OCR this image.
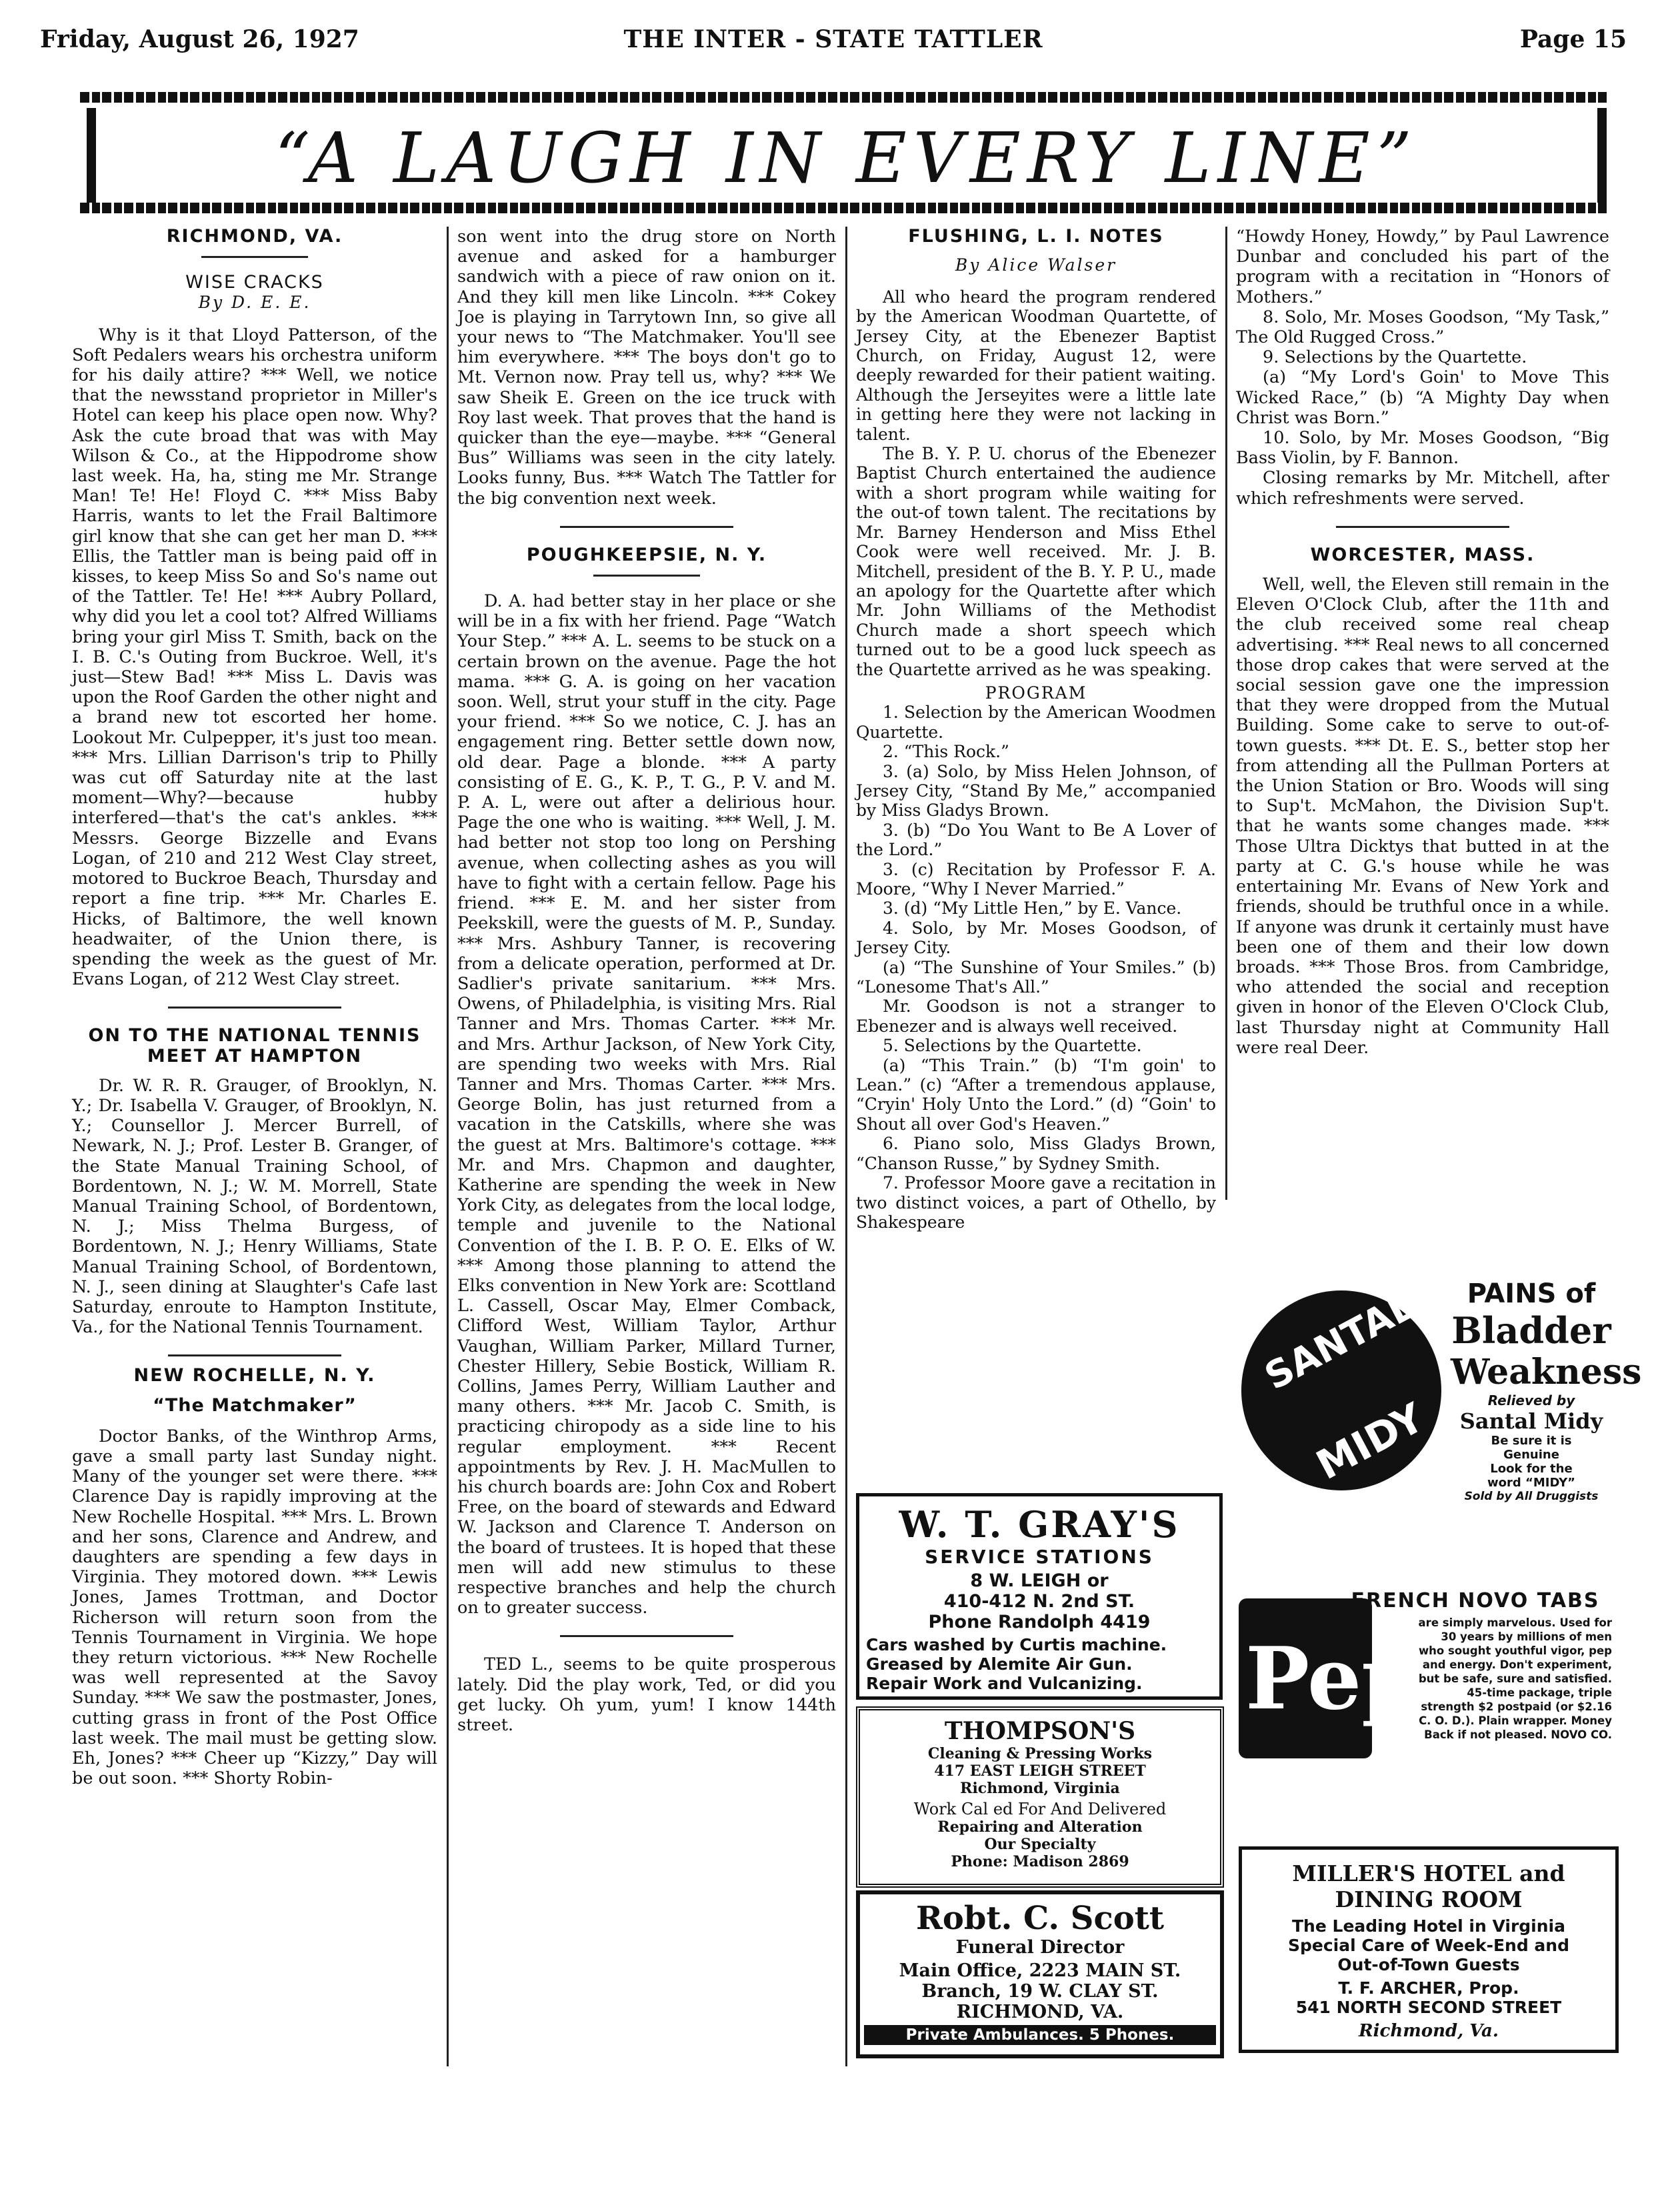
Friday, August 26, 1927	THE INTER - STATE TATTLER	Page 15
“A LAUGH IN EVERY LINE”
RICHMOND, VA.
WISE CRACKS
By D. E. E.

Why is it that Lloyd Patterson, of the Soft Pedalers wears his orchestra uniform for his daily attire? *** Well, we notice that the newsstand proprietor in Miller's Hotel can keep his place open now. Why? Ask the cute broad that was with May Wilson & Co., at the Hippodrome show last week. Ha, ha, sting me Mr. Strange Man! Te! He! Floyd C. *** Miss Baby Harris, wants to let the Frail Baltimore girl know that she can get her man D. *** Ellis, the Tattler man is being paid off in kisses, to keep Miss So and So's name out of the Tattler. Te! He! *** Aubry Pollard, why did you let a cool tot? Alfred Williams bring your girl Miss T. Smith, back on the I. B. C.'s Outing from Buckroe. Well, it's just—Stew Bad! *** Miss L. Davis was upon the Roof Garden the other night and a brand new tot escorted her home. Lookout Mr. Culpepper, it's just too mean. *** Mrs. Lillian Darrison's trip to Philly was cut off Saturday nite at the last moment—Why?—because hubby interfered—that's the cat's ankles. *** Messrs. George Bizzelle and Evans Logan, of 210 and 212 West Clay street, motored to Buckroe Beach, Thursday and report a fine trip. *** Mr. Charles E. Hicks, of Baltimore, the well known headwaiter, of the Union there, is spending the week as the guest of Mr. Evans Logan, of 212 West Clay street.

ON TO THE NATIONAL TENNIS MEET AT HAMPTON

Dr. W. R. R. Grauger, of Brooklyn, N. Y.; Dr. Isabella V. Grauger, of Brooklyn, N. Y.; Counsellor J. Mercer Burrell, of Newark, N. J.; Prof. Lester B. Granger, of the State Manual Training School, of Bordentown, N. J.; W. M. Morrell, State Manual Training School, of Bordentown, N. J.; Miss Thelma Burgess, of Bordentown, N. J.; Henry Williams, State Manual Training School, of Bordentown, N. J., seen dining at Slaughter's Cafe last Saturday, enroute to Hampton Institute, Va., for the National Tennis Tournament.

NEW ROCHELLE, N. Y.
“The Matchmaker”

Doctor Banks, of the Winthrop Arms, gave a small party last Sunday night. Many of the younger set were there. *** Clarence Day is rapidly improving at the New Rochelle Hospital. *** Mrs. L. Brown and her sons, Clarence and Andrew, and daughters are spending a few days in Virginia. They motored down. *** Lewis Jones, James Trottman, and Doctor Richerson will return soon from the Tennis Tournament in Virginia. We hope they return victorious. *** New Rochelle was well represented at the Savoy Sunday. *** We saw the postmaster, Jones, cutting grass in front of the Post Office last week. The mail must be getting slow. Eh, Jones? *** Cheer up “Kizzy,” Day will be out soon. *** Shorty Robin-

son went into the drug store on North avenue and asked for a hamburger sandwich with a piece of raw onion on it. And they kill men like Lincoln. *** Cokey Joe is playing in Tarrytown Inn, so give all your news to “The Matchmaker. You'll see him everywhere. *** The boys don't go to Mt. Vernon now. Pray tell us, why? *** We saw Sheik E. Green on the ice truck with Roy last week. That proves that the hand is quicker than the eye—maybe. *** “General Bus” Williams was seen in the city lately. Looks funny, Bus. *** Watch The Tattler for the big convention next week.

POUGHKEEPSIE, N. Y.

D. A. had better stay in her place or she will be in a fix with her friend. Page “Watch Your Step.” *** A. L. seems to be stuck on a certain brown on the avenue. Page the hot mama. *** G. A. is going on her vacation soon. Well, strut your stuff in the city. Page your friend. *** So we notice, C. J. has an engagement ring. Better settle down now, old dear. Page a blonde. *** A party consisting of E. G., K. P., T. G., P. V. and M. P. A. L, were out after a delirious hour. Page the one who is waiting. *** Well, J. M. had better not stop too long on Pershing avenue, when collecting ashes as you will have to fight with a certain fellow. Page his friend. *** E. M. and her sister from Peekskill, were the guests of M. P., Sunday. *** Mrs. Ashbury Tanner, is recovering from a delicate operation, performed at Dr. Sadlier's private sanitarium. *** Mrs. Owens, of Philadelphia, is visiting Mrs. Rial Tanner and Mrs. Thomas Carter. *** Mr. and Mrs. Arthur Jackson, of New York City, are spending two weeks with Mrs. Rial Tanner and Mrs. Thomas Carter. *** Mrs. George Bolin, has just returned from a vacation in the Catskills, where she was the guest at Mrs. Baltimore's cottage. *** Mr. and Mrs. Chapmon and daughter, Katherine are spending the week in New York City, as delegates from the local lodge, temple and juvenile to the National Convention of the I. B. P. O. E. Elks of W. *** Among those planning to attend the Elks convention in New York are: Scottland L. Cassell, Oscar May, Elmer Comback, Clifford West, William Taylor, Arthur Vaughan, William Parker, Millard Turner, Chester Hillery, Sebie Bostick, William R. Collins, James Perry, William Lauther and many others. *** Mr. Jacob C. Smith, is practicing chiropody as a side line to his regular employment. *** Recent appointments by Rev. J. H. MacMullen to his church boards are: John Cox and Robert Free, on the board of stewards and Edward W. Jackson and Clarence T. Anderson on the board of trustees. It is hoped that these men will add new stimulus to these respective branches and help the church on to greater success.

TED L., seems to be quite prosperous lately. Did the play work, Ted, or did you get lucky. Oh yum, yum! I know 144th street.

FLUSHING, L. I. NOTES
By Alice Walser

All who heard the program rendered by the American Woodman Quartette, of Jersey City, at the Ebenezer Baptist Church, on Friday, August 12, were deeply rewarded for their patient waiting. Although the Jerseyites were a little late in getting here they were not lacking in talent.

The B. Y. P. U. chorus of the Ebenezer Baptist Church entertained the audience with a short program while waiting for the out-of town talent. The recitations by Mr. Barney Henderson and Miss Ethel Cook were well received. Mr. J. B. Mitchell, president of the B. Y. P. U., made an apology for the Quartette after which Mr. John Williams of the Methodist Church made a short speech which turned out to be a good luck speech as the Quartette arrived as he was speaking.

PROGRAM

1. Selection by the American Woodmen Quartette.

2. “This Rock.”

3. (a) Solo, by Miss Helen Johnson, of Jersey City, “Stand By Me,” accompanied by Miss Gladys Brown.

3. (b) “Do You Want to Be A Lover of the Lord.”

3. (c) Recitation by Professor F. A. Moore, “Why I Never Married.”

3. (d) “My Little Hen,” by E. Vance.

4. Solo, by Mr. Moses Goodson, of Jersey City.

(a) “The Sunshine of Your Smiles.” (b) “Lonesome That's All.”

Mr. Goodson is not a stranger to Ebenezer and is always well received.

5. Selections by the Quartette.

(a) “This Train.” (b) “I'm goin' to Lean.” (c) “After a tremendous applause, “Cryin' Holy Unto the Lord.” (d) “Goin' to Shout all over God's Heaven.”

6. Piano solo, Miss Gladys Brown, “Chanson Russe,” by Sydney Smith.

7. Professor Moore gave a recitation in two distinct voices, a part of Othello, by Shakespeare

“Howdy Honey, Howdy,” by Paul Lawrence Dunbar and concluded his part of the program with a recitation in “Honors of Mothers.”

8. Solo, Mr. Moses Goodson, “My Task,” The Old Rugged Cross.”

9. Selections by the Quartette.

(a) “My Lord's Goin' to Move This Wicked Race,” (b) “A Mighty Day when Christ was Born.”

10. Solo, by Mr. Moses Goodson, “Big Bass Violin, by F. Bannon.

Closing remarks by Mr. Mitchell, after which refreshments were served.

WORCESTER, MASS.

Well, well, the Eleven still remain in the Eleven O'Clock Club, after the 11th and the club received some real cheap advertising. *** Real news to all concerned those drop cakes that were served at the social session gave one the impression that they were dropped from the Mutual Building. Some cake to serve to out-of-town guests. *** Dt. E. S., better stop her from attending all the Pullman Porters at the Union Station or Bro. Woods will sing to Sup't. McMahon, the Division Sup't. that he wants some changes made. *** Those Ultra Dicktys that butted in at the party at C. G.'s house while he was entertaining Mr. Evans of New York and friends, should be truthful once in a while. If anyone was drunk it certainly must have been one of them and their low down broads. *** Those Bros. from Cambridge, who attended the social and reception given in honor of the Eleven O'Clock Club, last Thursday night at Community Hall were real Deer.

W. T. GRAY'S
SERVICE STATIONS
8 W. LEIGH or
410-412 N. 2nd ST.
Phone Randolph 4419
Cars washed by Curtis machine.
Greased by Alemite Air Gun.
Repair Work and Vulcanizing.
THOMPSON'S
Cleaning & Pressing Works
417 EAST LEIGH STREET
Richmond, Virginia
Work Cal ed For And Delivered
Repairing and Alteration
Our Specialty
Phone: Madison 2869
Robt. C. Scott
Funeral Director
Main Office, 2223 MAIN ST.
Branch, 19 W. CLAY ST.
RICHMOND, VA.
Private Ambulances. 5 Phones.
SANTAL
MIDY
PAINS of
Bladder
Weakness
Relieved by
Santal Midy
Be sure it is Genuine
Look for the word “MIDY”
Sold by All Druggists
Pep!
FRENCH NOVO TABS
are simply marvelous. Used for 30 years by millions of men who sought youthful vigor, pep and energy. Don't experiment, but be safe, sure and satisfied. 45-time package, triple strength $2 postpaid (or $2.16 C. O. D.). Plain wrapper. Money Back if not pleased. NOVO CO.
MILLER'S HOTEL and
DINING ROOM
The Leading Hotel in Virginia
Special Care of Week-End and
Out-of-Town Guests
T. F. ARCHER, Prop.
541 NORTH SECOND STREET
Richmond, Va.
